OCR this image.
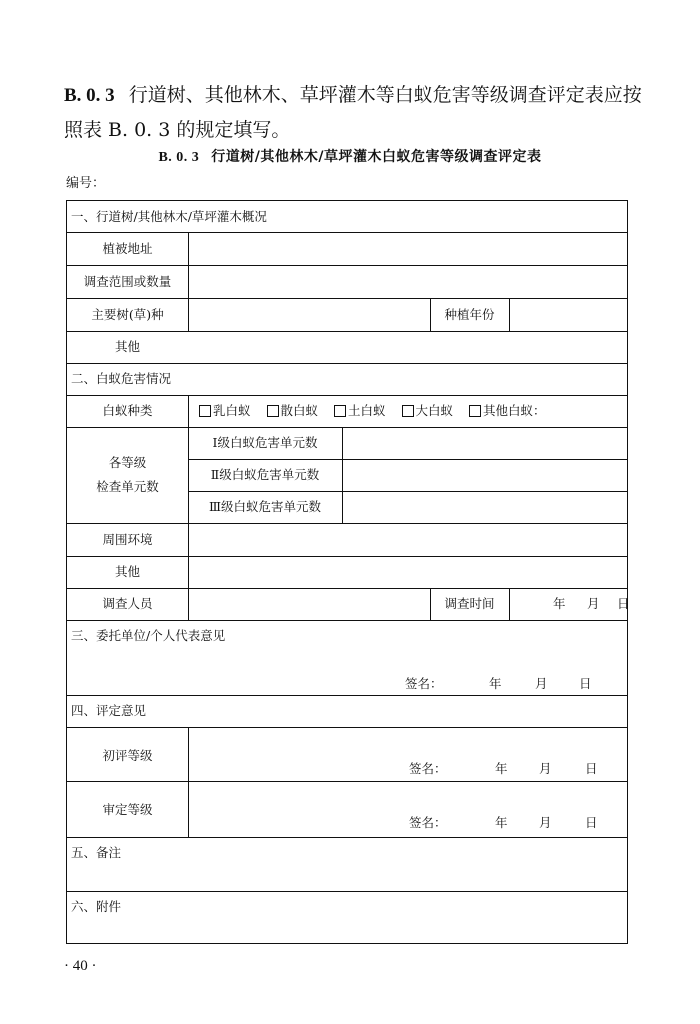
B. 0. 3 行道树、其他林木、草坪灌木等白蚁危害等级调查评定表应按照表 B. 0. 3 的规定填写。
B. 0. 3 行道树/其他林木/草坪灌木白蚁危害等级调查评定表
编号：
一、行道树/其他林木/草坪灌木概况
植被地址
调查范围或数量
主要树(草)种	种植年份
其他
二、白蚁危害情况
白蚁种类	乳白蚁
散白蚁
土白蚁
大白蚁
其他白蚁：
各等级
检查单元数
Ⅰ级白蚁危害单元数
Ⅱ级白蚁危害单元数
Ⅲ级白蚁危害单元数
周围环境
其他
调查人员	调查时间	年 月 日
三、委托单位/个人代表意见
签名：	年	月	日
四、评定意见
初评等级
签名：	年	月	日
审定等级
签名：	年	月	日
五、备注
六、附件
· 40 ·
